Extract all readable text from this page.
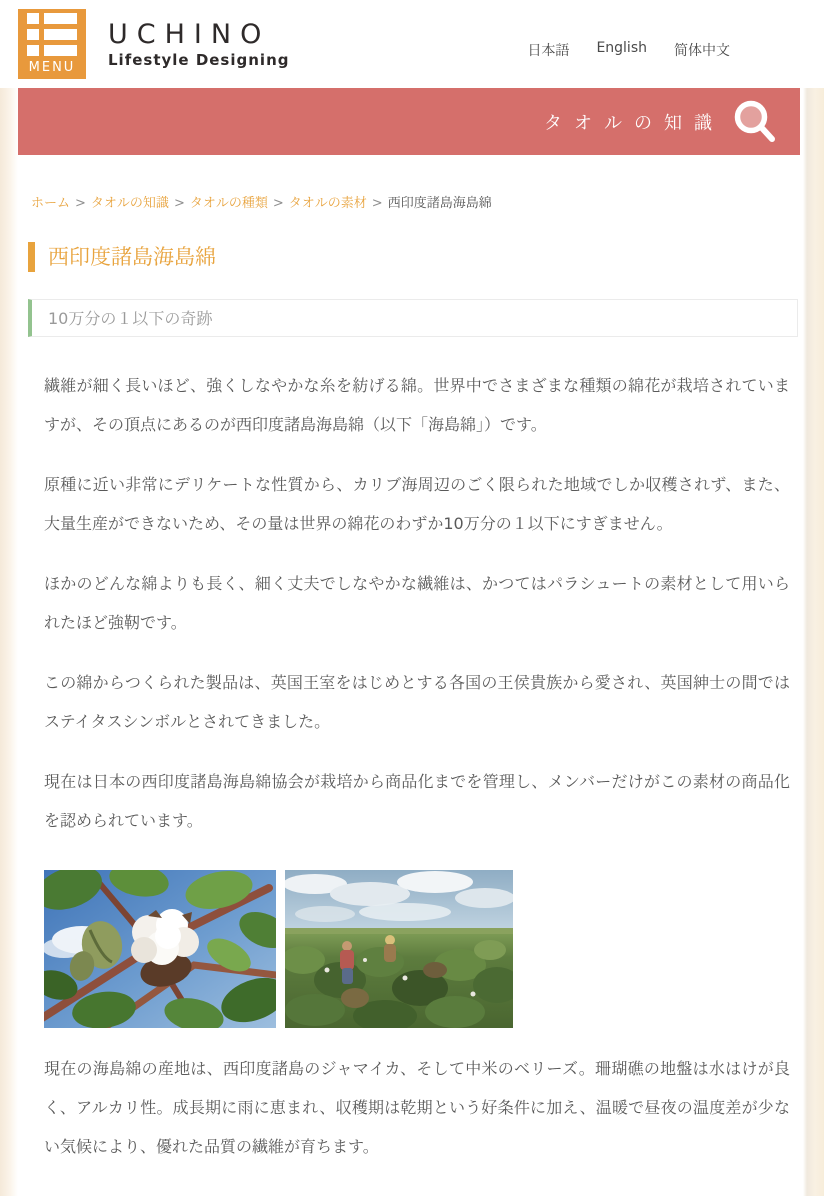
MENU
UCHINO
Lifestyle Designing	日本語 English 简体中文
タオルの知識
ホーム > タオルの知識 > タオルの種類 > タオルの素材 > 西印度諸島海島綿
西印度諸島海島綿
10万分の１以下の奇跡

繊維が細く長いほど、強くしなやかな糸を紡げる綿。世界中でさまざまな種類の綿花が栽培されていますが、その頂点にあるのが西印度諸島海島綿（以下「海島綿」）です。

原種に近い非常にデリケートな性質から、カリブ海周辺のごく限られた地域でしか収穫されず、また、大量生産ができないため、その量は世界の綿花のわずか10万分の１以下にすぎません。

ほかのどんな綿よりも長く、細く丈夫でしなやかな繊維は、かつてはパラシュートの素材として用いられたほど強靭です。

この綿からつくられた製品は、英国王室をはじめとする各国の王侯貴族から愛され、英国紳士の間ではステイタスシンボルとされてきました。

現在は日本の西印度諸島海島綿協会が栽培から商品化までを管理し、メンバーだけがこの素材の商品化を認められています。

現在の海島綿の産地は、西印度諸島のジャマイカ、そして中米のベリーズ。珊瑚礁の地盤は水はけが良く、アルカリ性。成長期に雨に恵まれ、収穫期は乾期という好条件に加え、温暖で昼夜の温度差が少ない気候により、優れた品質の繊維が育ちます。
